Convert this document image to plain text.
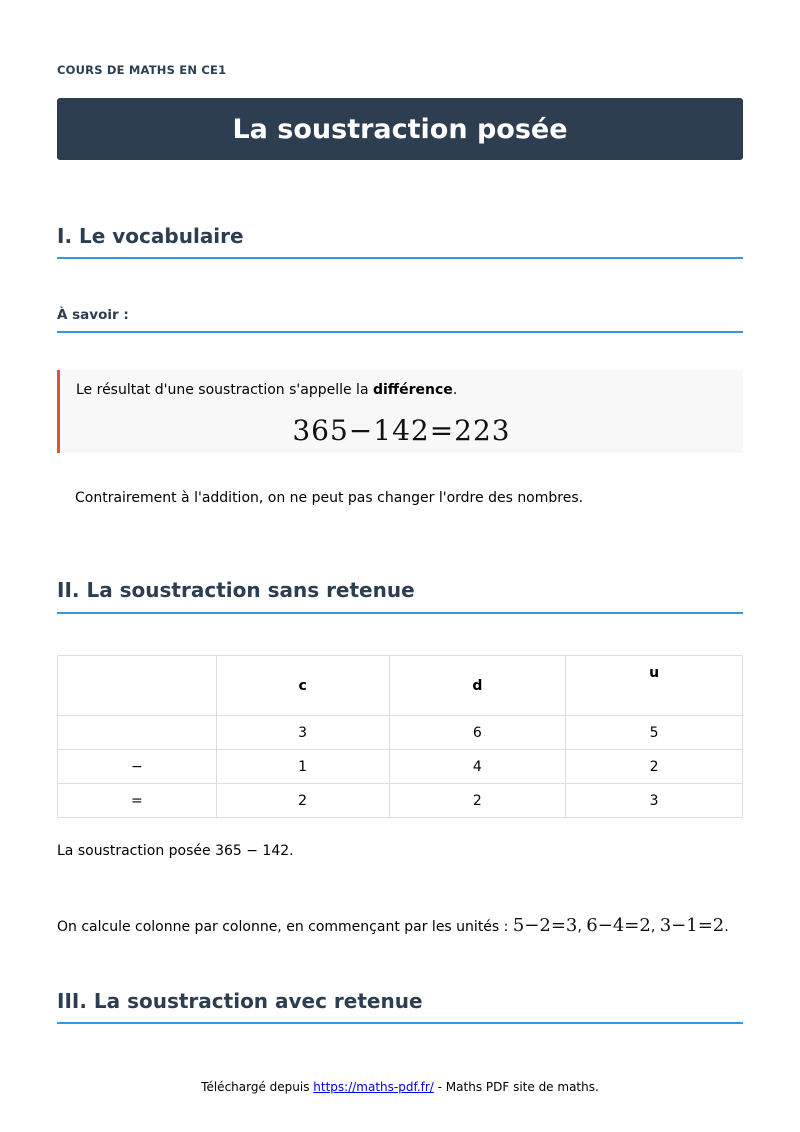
COURS DE MATHS EN CE1
La soustraction posée
I. Le vocabulaire
À savoir :
Le résultat d'une soustraction s'appelle la différence.
365−142=223
Contrairement à l'addition, on ne peut pas changer l'ordre des nombres.
II. La soustraction sans retenue
	c	d	u
	3	6	5
−	1	4	2
=	2	2	3
La soustraction posée 365 − 142.
On calcule colonne par colonne, en commençant par les unités : 5−2=3, 6−4=2, 3−1=2.
III. La soustraction avec retenue
Téléchargé depuis https://maths-pdf.fr/ - Maths PDF site de maths.
